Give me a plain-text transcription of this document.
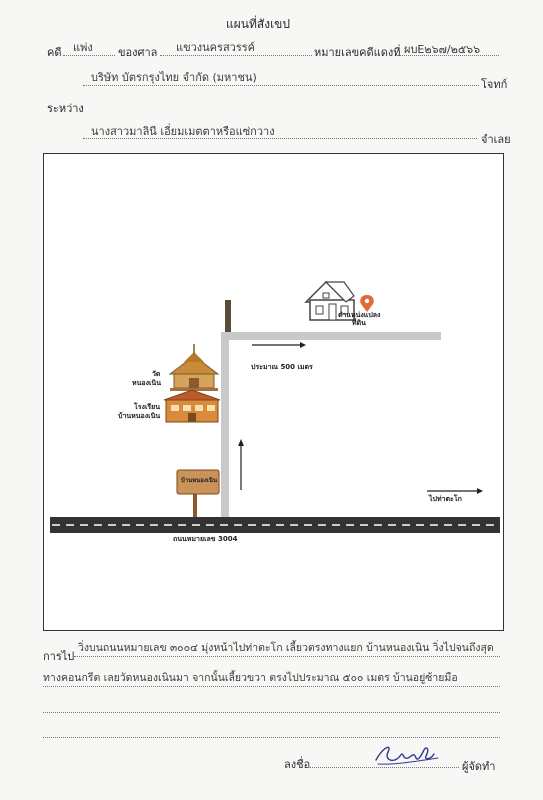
แผนที่สังเขป
คดี แพ่ง ของศาล แขวงนครสวรรค์	หมายเลขคดีแดงที่ ผบE๒๖๗/๒๕๖๖
บริษัท บัตรกรุงไทย จำกัด (มหาชน)
โจทก์
ระหว่าง
นางสาวมาลินี เอี่ยมเมตตาหรือแซ่กวาง
จำเลย
ตำแหน่งแปลง
ที่ดิน
ประมาณ 500 เมตร
วัด
หนองเนิน
โรงเรียน
บ้านหนองเนิน
บ้านหนองเนิน
ไปท่าตะโก
ถนนหมายเลข 3004
การไป
วิ่งบนถนนหมายเลข ๓๐๐๔ มุ่งหน้าไปท่าตะโก เลี้ยวตรงทางแยก บ้านหนองเนิน วิ่งไปจนถึงสุด
ทางคอนกรีต เลยวัดหนองเนินมา จากนั้นเลี้ยวขวา ตรงไปประมาณ ๕๐๐ เมตร บ้านอยู่ซ้ายมือ
ลงชื่อ	ผู้จัดทำ
